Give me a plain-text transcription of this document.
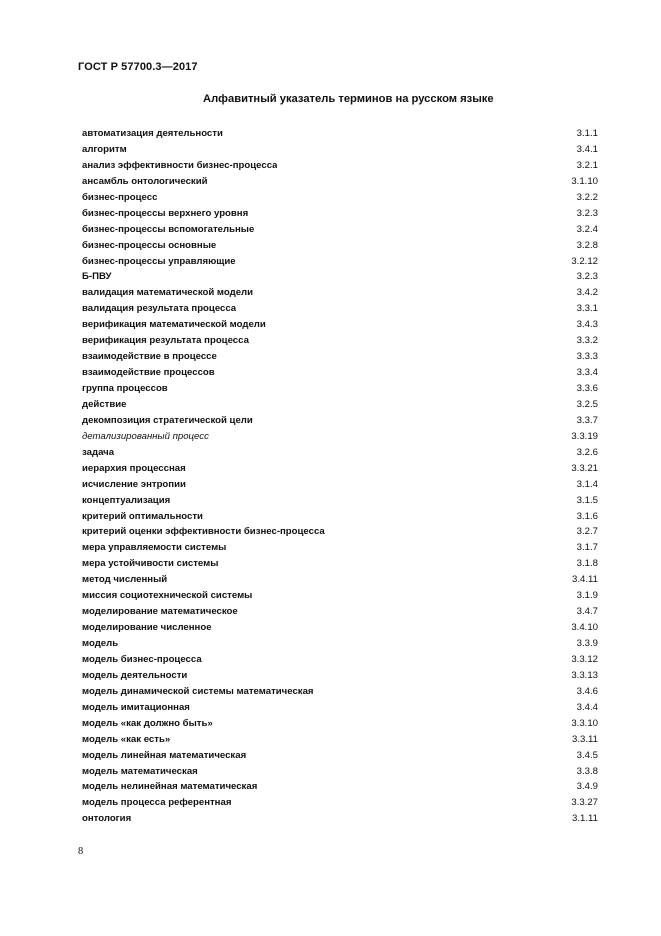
ГОСТ Р 57700.3—2017
Алфавитный указатель терминов на русском языке
автоматизация деятельности	3.1.1
алгоритм	3.4.1
анализ эффективности бизнес-процесса	3.2.1
ансамбль онтологический	3.1.10
бизнес-процесс	3.2.2
бизнес-процессы верхнего уровня	3.2.3
бизнес-процессы вспомогательные	3.2.4
бизнес-процессы основные	3.2.8
бизнес-процессы управляющие	3.2.12
Б-ПВУ	3.2.3
валидация математической модели	3.4.2
валидация результата процесса	3.3.1
верификация математической модели	3.4.3
верификация результата процесса	3.3.2
взаимодействие в процессе	3.3.3
взаимодействие процессов	3.3.4
группа процессов	3.3.6
действие	3.2.5
декомпозиция стратегической цели	3.3.7
детализированный процесс	3.3.19
задача	3.2.6
иерархия процессная	3.3.21
исчисление энтропии	3.1.4
концептуализация	3.1.5
критерий оптимальности	3.1.6
критерий оценки эффективности бизнес-процесса	3.2.7
мера управляемости системы	3.1.7
мера устойчивости системы	3.1.8
метод численный	3.4.11
миссия социотехнической системы	3.1.9
моделирование математическое	3.4.7
моделирование численное	3.4.10
модель	3.3.9
модель бизнес-процесса	3.3.12
модель деятельности	3.3.13
модель динамической системы математическая	3.4.6
модель имитационная	3.4.4
модель «как должно быть»	3.3.10
модель «как есть»	3.3.11
модель линейная математическая	3.4.5
модель математическая	3.3.8
модель нелинейная математическая	3.4.9
модель процесса референтная	3.3.27
онтология	3.1.11
8
